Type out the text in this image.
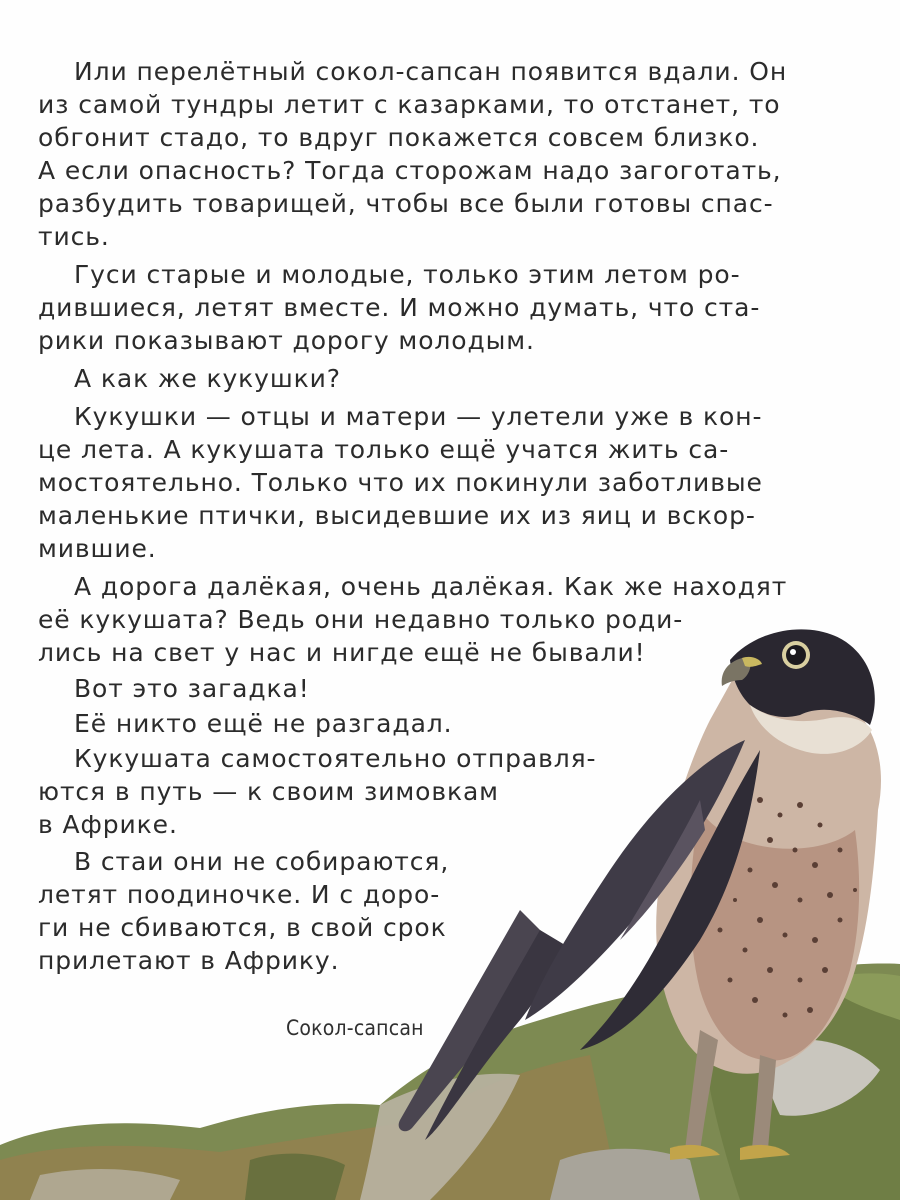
Или перелётный сокол-сапсан появится вдали. Он
из самой тундры летит с казарками, то отстанет, то
обгонит стадо, то вдруг покажется совсем близко.
А если опасность? Тогда сторожам надо загоготать,
разбудить товарищей, чтобы все были готовы спас-
тись.
Гуси старые и молодые, только этим летом ро-
дившиеся, летят вместе. И можно думать, что ста-
рики показывают дорогу молодым.
А как же кукушки?
Кукушки — отцы и матери — улетели уже в кон-
це лета. А кукушата только ещё учатся жить са-
мостоятельно. Только что их покинули заботливые
маленькие птички, высидевшие их из яиц и вскор-
мившие.
А дорога далёкая, очень далёкая. Как же находят
её кукушата? Ведь они недавно только роди-
лись на свет у нас и нигде ещё не бывали!
Вот это загадка!
Её никто ещё не разгадал.
Кукушата самостоятельно отправля-
ются в путь — к своим зимовкам
в Африке.
В стаи они не собираются,
летят поодиночке. И с доро-
ги не сбиваются, в свой срок
прилетают в Африку.
Сокол-сапсан
